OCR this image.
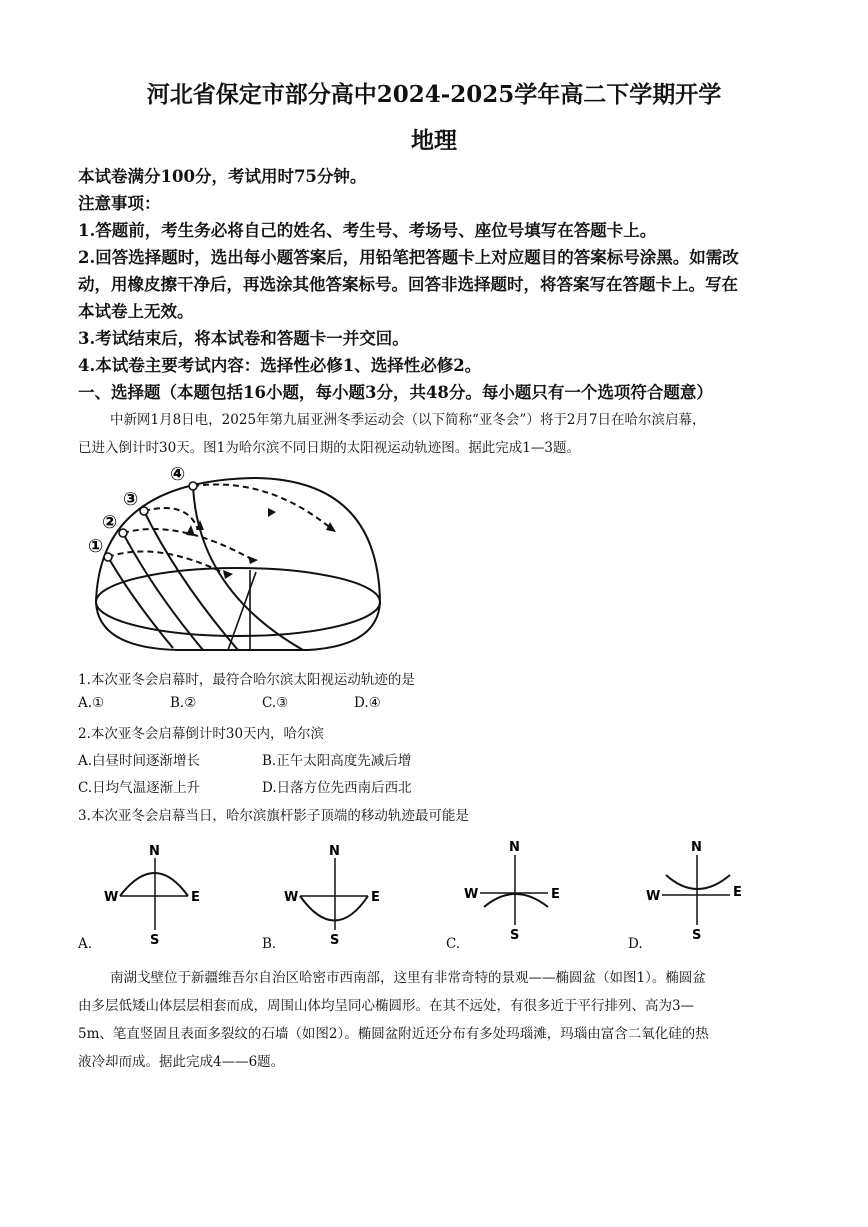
河北省保定市部分高中2024-2025学年高二下学期开学
地理
本试卷满分100分，考试用时75分钟。
注意事项：
1.答题前，考生务必将自己的姓名、考生号、考场号、座位号填写在答题卡上。
2.回答选择题时，选出每小题答案后，用铅笔把答题卡上对应题目的答案标号涂黑。如需改
动，用橡皮擦干净后，再选涂其他答案标号。回答非选择题时，将答案写在答题卡上。写在
本试卷上无效。
3.考试结束后，将本试卷和答题卡一并交回。
4.本试卷主要考试内容：选择性必修1、选择性必修2。
一、选择题（本题包括16小题，每小题3分，共48分。每小题只有一个选项符合题意）
中新网1月8日电，2025年第九届亚洲冬季运动会（以下简称“亚冬会”）将于2月7日在哈尔滨启幕，
已进入倒计时30天。图1为哈尔滨不同日期的太阳视运动轨迹图。据此完成1—3题。
①
②
③
④
1.本次亚冬会启幕时，最符合哈尔滨太阳视运动轨迹的是
A.①	B.②	C.③	D.④
2.本次亚冬会启幕倒计时30天内，哈尔滨
A.白昼时间逐渐增长	B.正午太阳高度先减后增
C.日均气温逐渐上升	D.日落方位先西南后西北
3.本次亚冬会启幕当日，哈尔滨旗杆影子顶端的移动轨迹最可能是
N
S
W	E
A.
N
S
W	E
B.
N
S
W	E
C.
N
S
W	E
D.
南湖戈壁位于新疆维吾尔自治区哈密市西南部，这里有非常奇特的景观——椭圆盆（如图1）。椭圆盆
由多层低矮山体层层相套而成，周围山体均呈同心椭圆形。在其不远处，有很多近于平行排列、高为3—
5m、笔直竖固且表面多裂纹的石墙（如图2）。椭圆盆附近还分布有多处玛瑙滩，玛瑙由富含二氧化硅的热
液冷却而成。据此完成4——6题。
